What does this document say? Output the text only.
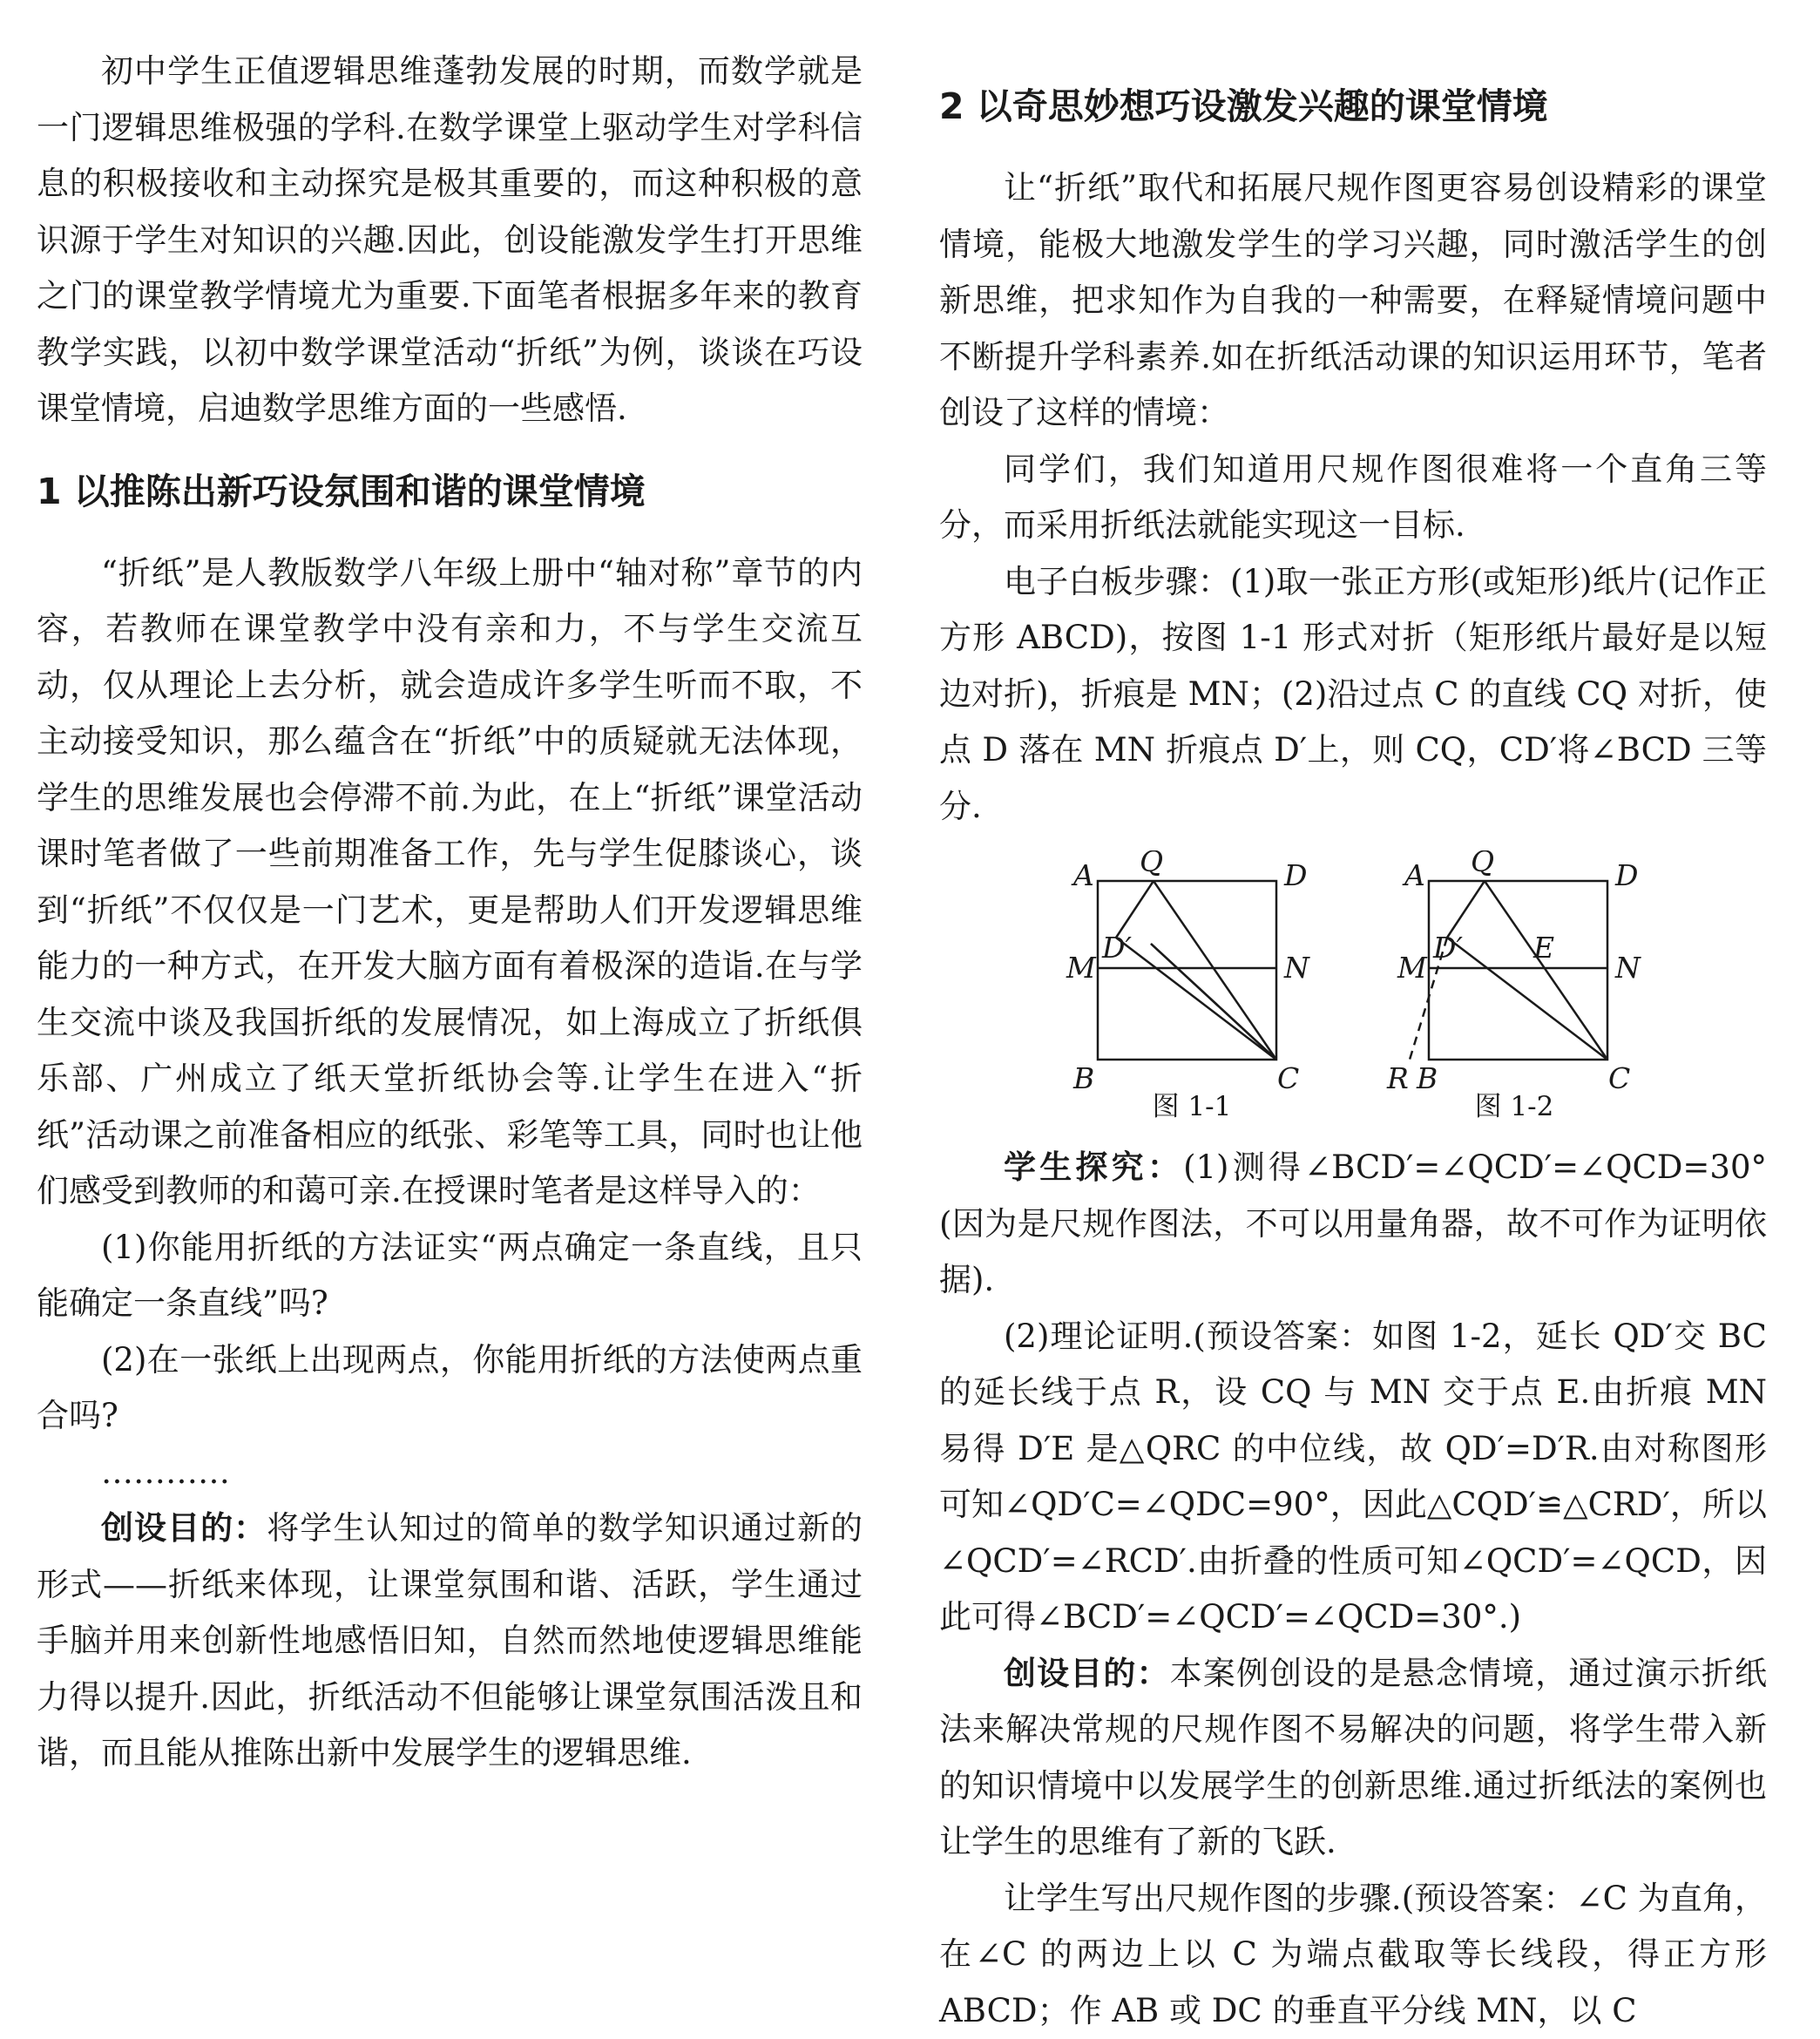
初中学生正值逻辑思维蓬勃发展的时期，而数学就是一门逻辑思维极强的学科.在数学课堂上驱动学生对学科信息的积极接收和主动探究是极其重要的，而这种积极的意识源于学生对知识的兴趣.因此，创设能激发学生打开思维之门的课堂教学情境尤为重要.下面笔者根据多年来的教育教学实践，以初中数学课堂活动“折纸”为例，谈谈在巧设课堂情境，启迪数学思维方面的一些感悟.

1 以推陈出新巧设氛围和谐的课堂情境

“折纸”是人教版数学八年级上册中“轴对称”章节的内容，若教师在课堂教学中没有亲和力，不与学生交流互动，仅从理论上去分析，就会造成许多学生听而不取，不主动接受知识，那么蕴含在“折纸”中的质疑就无法体现，学生的思维发展也会停滞不前.为此，在上“折纸”课堂活动课时笔者做了一些前期准备工作，先与学生促膝谈心，谈到“折纸”不仅仅是一门艺术，更是帮助人们开发逻辑思维能力的一种方式，在开发大脑方面有着极深的造诣.在与学生交流中谈及我国折纸的发展情况，如上海成立了折纸俱乐部、广州成立了纸天堂折纸协会等.让学生在进入“折纸”活动课之前准备相应的纸张、彩笔等工具，同时也让他们感受到教师的和蔼可亲.在授课时笔者是这样导入的：

(1)你能用折纸的方法证实“两点确定一条直线，且只能确定一条直线”吗?

(2)在一张纸上出现两点，你能用折纸的方法使两点重合吗?

…………

创设目的：将学生认知过的简单的数学知识通过新的形式——折纸来体现，让课堂氛围和谐、活跃，学生通过手脑并用来创新性地感悟旧知，自然而然地使逻辑思维能力得以提升.因此，折纸活动不但能够让课堂氛围活泼且和谐，而且能从推陈出新中发展学生的逻辑思维.

2 以奇思妙想巧设激发兴趣的课堂情境

让“折纸”取代和拓展尺规作图更容易创设精彩的课堂情境，能极大地激发学生的学习兴趣，同时激活学生的创新思维，把求知作为自我的一种需要，在释疑情境问题中不断提升学科素养.如在折纸活动课的知识运用环节，笔者创设了这样的情境：

同学们，我们知道用尺规作图很难将一个直角三等分，而采用折纸法就能实现这一目标.

电子白板步骤：(1)取一张正方形(或矩形)纸片(记作正方形 ABCD)，按图 1-1 形式对折（矩形纸片最好是以短边对折)，折痕是 MN；(2)沿过点 C 的直线 CQ 对折，使点 D 落在 MN 折痕点 D′上，则 CQ，CD′将∠BCD 三等分.

A Q	D
M
D′
N
B	C
图 1-1
A Q	D
M
D′ E
N
R B	C
图 1-2

学生探究：(1)测得∠BCD′=∠QCD′=∠QCD=30°(因为是尺规作图法，不可以用量角器，故不可作为证明依据).

(2)理论证明.(预设答案：如图 1-2，延长 QD′交 BC 的延长线于点 R，设 CQ 与 MN 交于点 E.由折痕 MN 易得 D′E 是△QRC 的中位线，故 QD′=D′R.由对称图形可知∠QD′C=∠QDC=90°，因此△CQD′≌△CRD′，所以∠QCD′=∠RCD′.由折叠的性质可知∠QCD′=∠QCD，因此可得∠BCD′=∠QCD′=∠QCD=30°.)

创设目的：本案例创设的是悬念情境，通过演示折纸法来解决常规的尺规作图不易解决的问题，将学生带入新的知识情境中以发展学生的创新思维.通过折纸法的案例也让学生的思维有了新的飞跃.

让学生写出尺规作图的步骤.(预设答案：∠C 为直角，在∠C 的两边上以 C 为端点截取等长线段，得正方形 ABCD；作 AB 或 DC 的垂直平分线 MN，以 C
